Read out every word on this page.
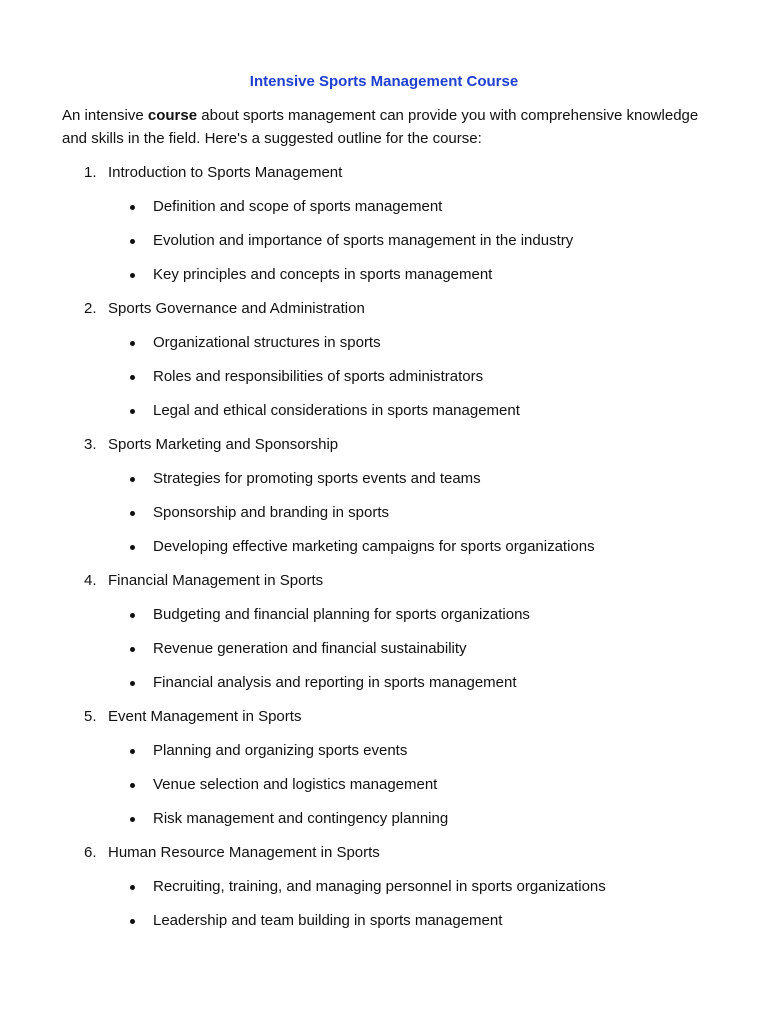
Intensive Sports Management Course

An intensive course about sports management can provide you with comprehensive knowledge and skills in the field. Here's a suggested outline for the course:

1. Introduction to Sports Management
Definition and scope of sports management
Evolution and importance of sports management in the industry
Key principles and concepts in sports management
2. Sports Governance and Administration
Organizational structures in sports
Roles and responsibilities of sports administrators
Legal and ethical considerations in sports management
3. Sports Marketing and Sponsorship
Strategies for promoting sports events and teams
Sponsorship and branding in sports
Developing effective marketing campaigns for sports organizations
4. Financial Management in Sports
Budgeting and financial planning for sports organizations
Revenue generation and financial sustainability
Financial analysis and reporting in sports management
5. Event Management in Sports
Planning and organizing sports events
Venue selection and logistics management
Risk management and contingency planning
6. Human Resource Management in Sports
Recruiting, training, and managing personnel in sports organizations
Leadership and team building in sports management
